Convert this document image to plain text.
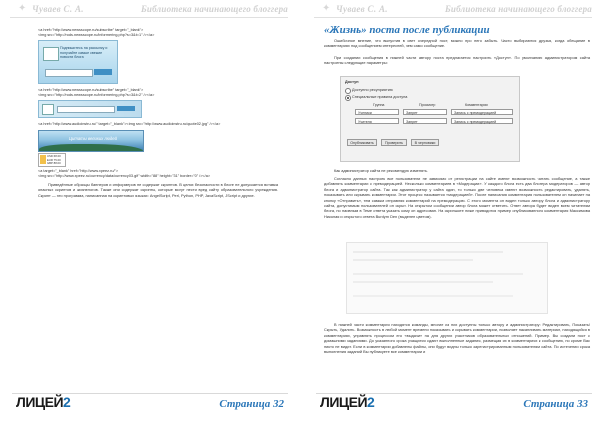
✦ Чуваев С. А.	Библиотека начинающего блоггера
<a href="http://www.newsscope.ru/subscribe" target="_blank">
<img src="http://rods.newsscope.ru/informering.php?s=3&t=1" /></a>
Подпишитесь на рассылку и получайте самые свежие новости блога
<a href="http://www.newsscope.ru/subscribe" target="_blank">
<img src="http://rods.newsscope.ru/informering.php?s=3&t=2" /></a>
<a href="http://www.audioinstru.ru/" target="_blank"><img src="http://www.audioinstru.ru/quote02.jpg" /></a>
Цитаты великих людей
USD 68.00
EUR 75.00
GBP 88.00
<a target="_blank" href="http://www.xpeez.ru/">
<img src="http://www.xpeez.ru/currency/data/currency03.gif" width="88" height="31" border="0" /></a>
Приведённые образцы баннеров и информеров не содержат скриптов. В целях безопасности в блоге не допускается вставка опасных скриптов и жизнелогов. Также они содержат скрипты, которые могут нести вред сайту образовательного учреждения. Скрипт — это программа, написанная на скриптовых языках: AngelScript, Perl, Python, PHP, JavaScript, JScript и другие.
ЛИЦЕЙ2	Страница 32
✦ Чуваев С. А.	Библиотека начинающего блоггера
«Жизнь» поста после публикации
Ошибочное мнение, что выпустив в свет очередной пост, можно про него забыть. Часто выбираются друзья, когда обещание в комментариях под сообщением интересней, чем само сообщение.
При создании сообщения в нижней части автору поста предлагается настроить «Доступ». По умолчанию администратором сайта настроены следующие параметры:
Доступ
Доступно pecyприятию
Специальные правила доступа
Группа	Просмотр	Комментарии
Ученики	Запрет	Запись с премодерацией
Учителя	Запрет	Запись с премодерацией
Опубликовать	Проверить	В черновики
Как администратор сайта не рекомендую изменять.
Согласно данных настроек все пользователи не зависимо от регистрации на сайте имеют возможность читать сообщение, а также добавлять комментарии с премодерацией. Несколько комментариев в «Модерации». У каждого блога есть два блогера модераторов — автор блога и администратор сайта. Так как администратор у сайта один, то только две человека имеют возможность редактировать, удалять, показывать или скрывать комментарии. Этот процесс называется «модерацией». После написания комментария пользователем он начинает на кнопку «Отправить», тем самым отправляя комментарий на премодерацию. С этого момента он виден только автору блога и администратору сайта, допустимым пользователей он скрыт. На открытом сообщении автор блога может ответить. Ответ автора будет виден всем читателям блога, но наивным в Теме ответа указать кому он адресован. На скриншоте ниже приводится пример опубликованного комментария Максимова Николая и открытого ответа Burdym Den (выделен цветом).
В нижней части комментария находятся команды, многие из них доступны только автору и администратору: Редактировать, Показать/Скрыть, Удалить. Возможность в любой момент времени показывать и скрывать комментарии, позволяет накапливать материал, находящийся в комментариях, управлять процессом его «выдачи» на для других участников образовательных отношений. Пример. Вы создали пост с домашними заданиями. До указанного срока учащиеся сдают выполненные задания, размещая их в комментариях к сообщению, но кроме Вас никто не видит. Если в комментарии добавлены файлы, они будут видны только зарегистрированным пользователям сайта. По истечении срока выполнения заданий Вы публикуете все комментарии и
ЛИЦЕЙ2	Страница 33
